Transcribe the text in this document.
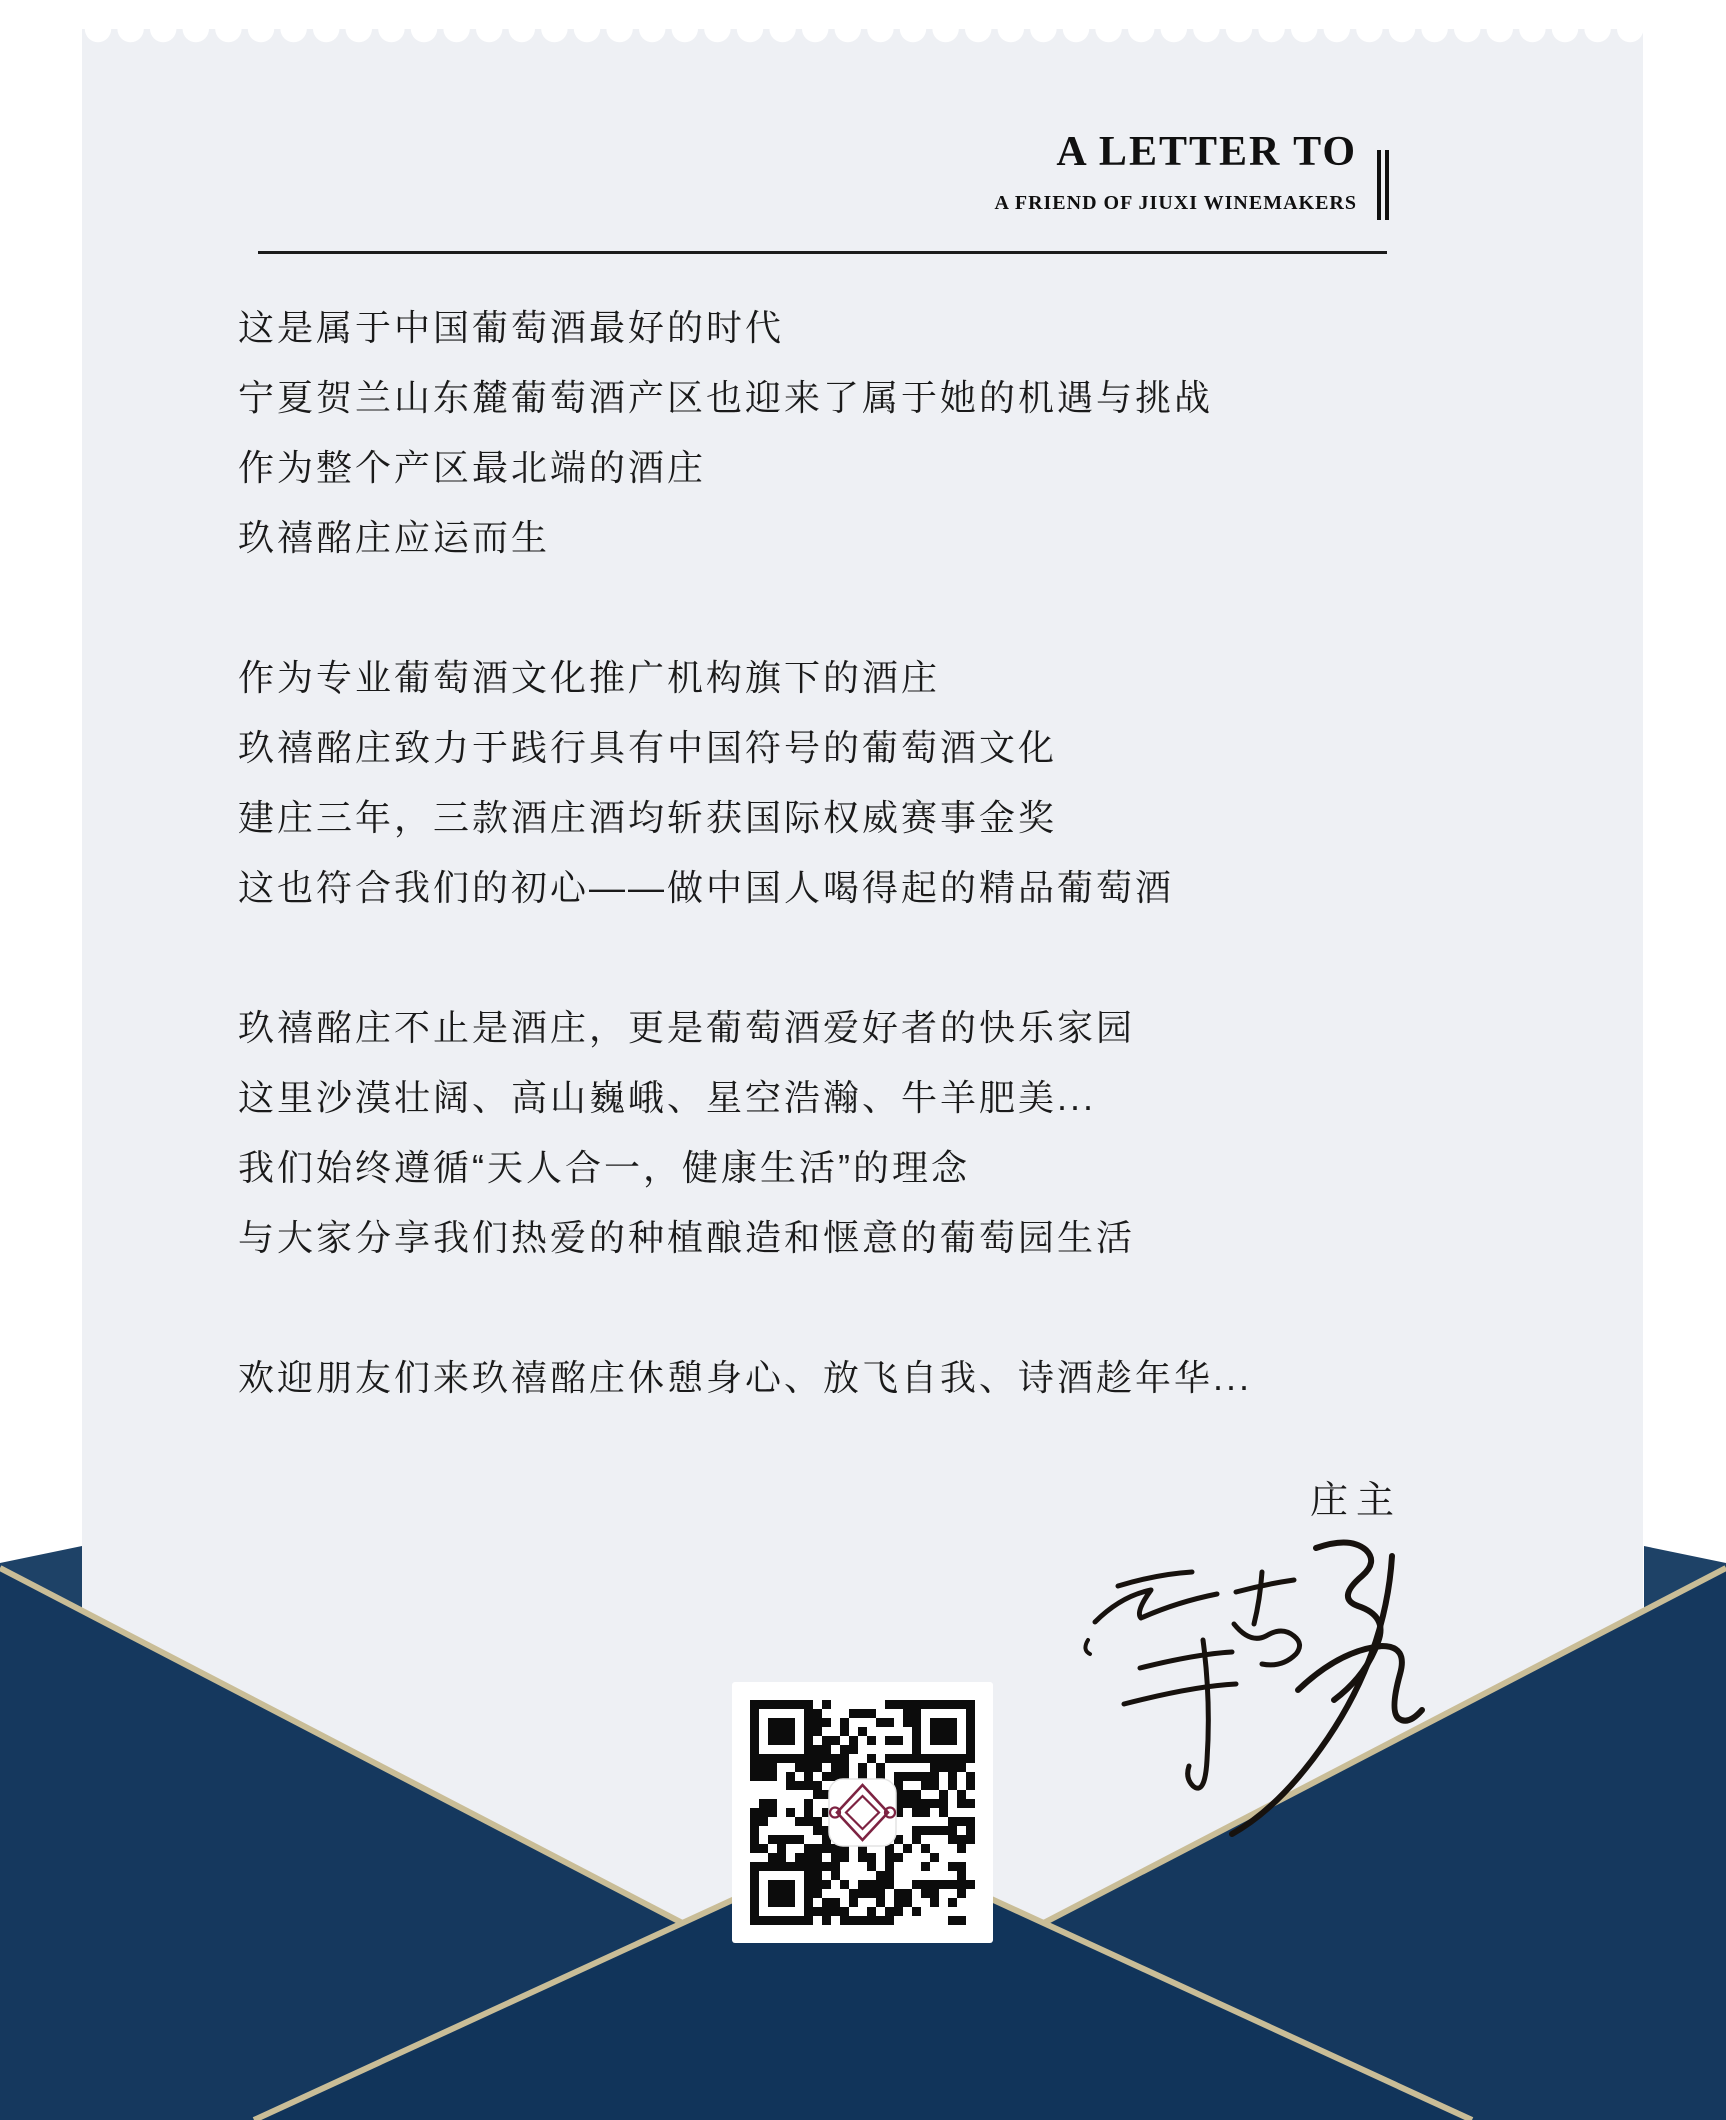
A LETTER TO
A FRIEND OF JIUXI WINEMAKERS
这是属于中国葡萄酒最好的时代
宁夏贺兰山东麓葡萄酒产区也迎来了属于她的机遇与挑战
作为整个产区最北端的酒庄
玖禧酩庄应运而生
作为专业葡萄酒文化推广机构旗下的酒庄
玖禧酩庄致力于践行具有中国符号的葡萄酒文化
建庄三年，三款酒庄酒均斩获国际权威赛事金奖
这也符合我们的初心——做中国人喝得起的精品葡萄酒
玖禧酩庄不止是酒庄，更是葡萄酒爱好者的快乐家园
这里沙漠壮阔、高山巍峨、星空浩瀚、牛羊肥美...
我们始终遵循“天人合一，健康生活”的理念
与大家分享我们热爱的种植酿造和惬意的葡萄园生活
欢迎朋友们来玖禧酩庄休憩身心、放飞自我、诗酒趁年华...
庄主
